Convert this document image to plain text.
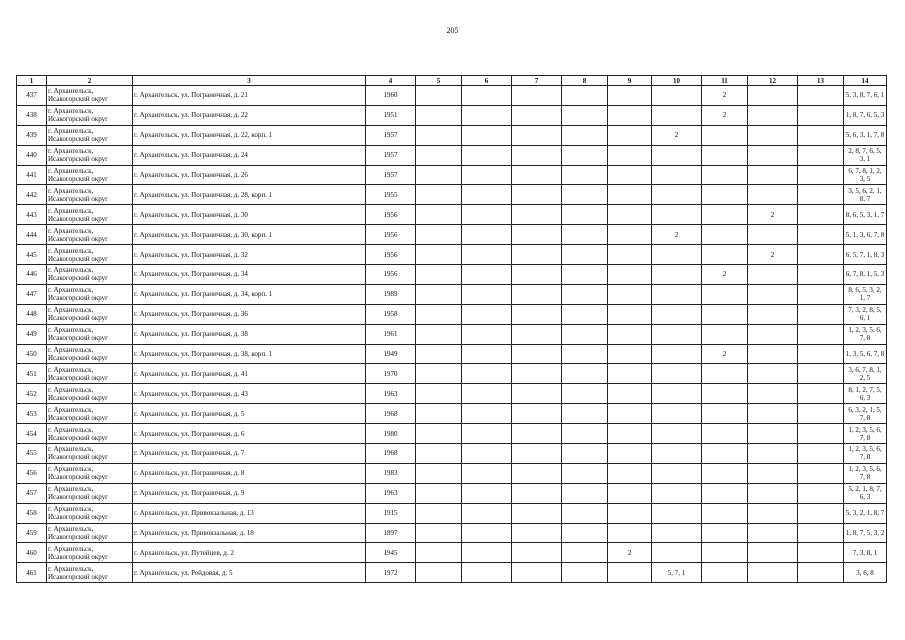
205
1	2	3	4	5	6	7	8	9	10	11	12	13	14
437	г. Архангельск,
Исакогорский округ	г. Архангельск, ул. Пограничная, д. 21	1960							2			5, 3, 8, 7, 6, 1
438	г. Архангельск,
Исакогорский округ	г. Архангельск, ул. Пограничная, д. 22	1951							2			1, 8, 7, 6, 5, 3
439	г. Архангельск,
Исакогорский округ	г. Архангельск, ул. Пограничная, д. 22, корп. 1	1957						2				5, 6, 3, 1, 7, 8
440	г. Архангельск,
Исакогорский округ	г. Архангельск, ул. Пограничная, д. 24	1957										2, 8, 7, 6, 5, 3, 1
441	г. Архангельск,
Исакогорский округ	г. Архангельск, ул. Пограничная, д. 26	1957										6, 7, 8, 1, 2, 3, 5
442	г. Архангельск,
Исакогорский округ	г. Архангельск, ул. Пограничная, д. 28, корп. 1	1955										3, 5, 6, 2, 1, 8, 7
443	г. Архангельск,
Исакогорский округ	г. Архангельск, ул. Пограничная, д. 30	1956								2		8, 6, 5, 3, 1, 7
444	г. Архангельск,
Исакогорский округ	г. Архангельск, ул. Пограничная, д. 30, корп. 1	1956						2				5, 1, 3, 6, 7, 8
445	г. Архангельск,
Исакогорский округ	г. Архангельск, ул. Пограничная, д. 32	1956								2		6, 5, 7, 1, 8, 3
446	г. Архангельск,
Исакогорский округ	г. Архангельск, ул. Пограничная, д. 34	1956							2			6, 7, 8, 1, 5, 3
447	г. Архангельск,
Исакогорский округ	г. Архангельск, ул. Пограничная, д. 34, корп. 1	1989										8, 6, 5, 3, 2, 1, 7
448	г. Архангельск,
Исакогорский округ	г. Архангельск, ул. Пограничная, д. 36	1958										7, 3, 2, 8, 5, 6, 1
449	г. Архангельск,
Исакогорский округ	г. Архангельск, ул. Пограничная, д. 38	1961										1, 2, 3, 5, 6, 7, 8
450	г. Архангельск,
Исакогорский округ	г. Архангельск, ул. Пограничная, д. 38, корп. 1	1949							2			1, 3, 5, 6, 7, 8
451	г. Архангельск,
Исакогорский округ	г. Архангельск, ул. Пограничная, д. 41	1970										3, 6, 7, 8, 1, 2, 5
452	г. Архангельск,
Исакогорский округ	г. Архангельск, ул. Пограничная, д. 43	1963										8, 1, 2, 7, 5, 6, 3
453	г. Архангельск,
Исакогорский округ	г. Архангельск, ул. Пограничная, д. 5	1968										6, 3, 2, 1, 5, 7, 8
454	г. Архангельск,
Исакогорский округ	г. Архангельск, ул. Пограничная, д. 6	1980										1, 2, 3, 5, 6, 7, 8
455	г. Архангельск,
Исакогорский округ	г. Архангельск, ул. Пограничная, д. 7	1968										1, 2, 3, 5, 6, 7, 8
456	г. Архангельск,
Исакогорский округ	г. Архангельск, ул. Пограничная, д. 8	1983										1, 2, 3, 5, 6, 7, 8
457	г. Архангельск,
Исакогорский округ	г. Архангельск, ул. Пограничная, д. 9	1963										5, 2, 1, 8, 7, 6, 3
458	г. Архангельск,
Исакогорский округ	г. Архангельск, ул. Привокзальная, д. 13	1915										5, 3, 2, 1, 8, 7
459	г. Архангельск,
Исакогорский округ	г. Архангельск, ул. Привокзальная, д. 18	1897										1, 8, 7, 5, 3, 2
460	г. Архангельск,
Исакогорский округ	г. Архангельск, ул. Путейцев, д. 2	1945					2					7, 3, 8, 1
461	г. Архангельск,
Исакогорский округ	г. Архангельск, ул. Рейдовая, д. 5	1972						5, 7, 1				3, 6, 8
